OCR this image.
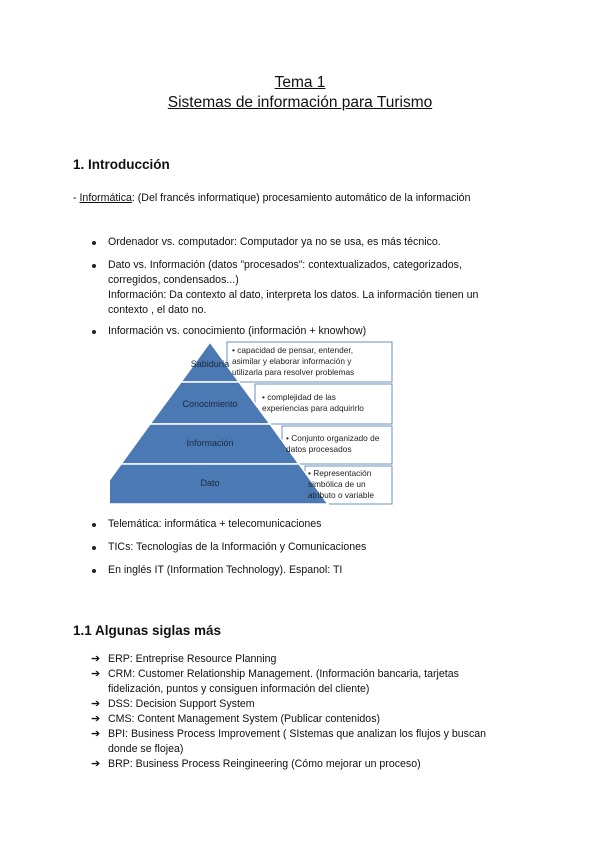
Tema 1
Sistemas de información para Turismo
1. Introducción
- Informática: (Del francés informatique) procesamiento automático de la información
Ordenador vs. computador: Computador ya no se usa, es más técnico.
Dato vs. Información (datos ”procesados”: contextualizados, categorizados,
corregidos, condensados...)
Información: Da contexto al dato, interpreta los datos. La información tienen un
contexto , el dato no.
Información vs. conocimiento (información + knowhow)
Sabiduría
Conocimiento
Información
Dato
• capacidad de pensar, entender,
asimilar y elaborar información y
utilizarla para resolver problemas
• complejidad de las
experiencias para adquirirlo
• Conjunto organizado de
datos procesados
• Representación
simbólica de un
atributo o variable
Telemática: informática + telecomunicaciones
TICs: Tecnologías de la Información y Comunicaciones
En inglés IT (Information Technology). Espanol: TI
1.1 Algunas siglas más
➔ ERP: Entreprise Resource Planning
➔ CRM: Customer Relationship Management. (Información bancaria, tarjetas
fidelización, puntos y consiguen información del cliente)
➔ DSS: Decision Support System
➔ CMS: Content Management System (Publicar contenidos)
➔ BPI: Business Process Improvement ( SIstemas que analizan los flujos y buscan
donde se flojea)
➔ BRP: Business Process Reingineering (Cómo mejorar un proceso)
